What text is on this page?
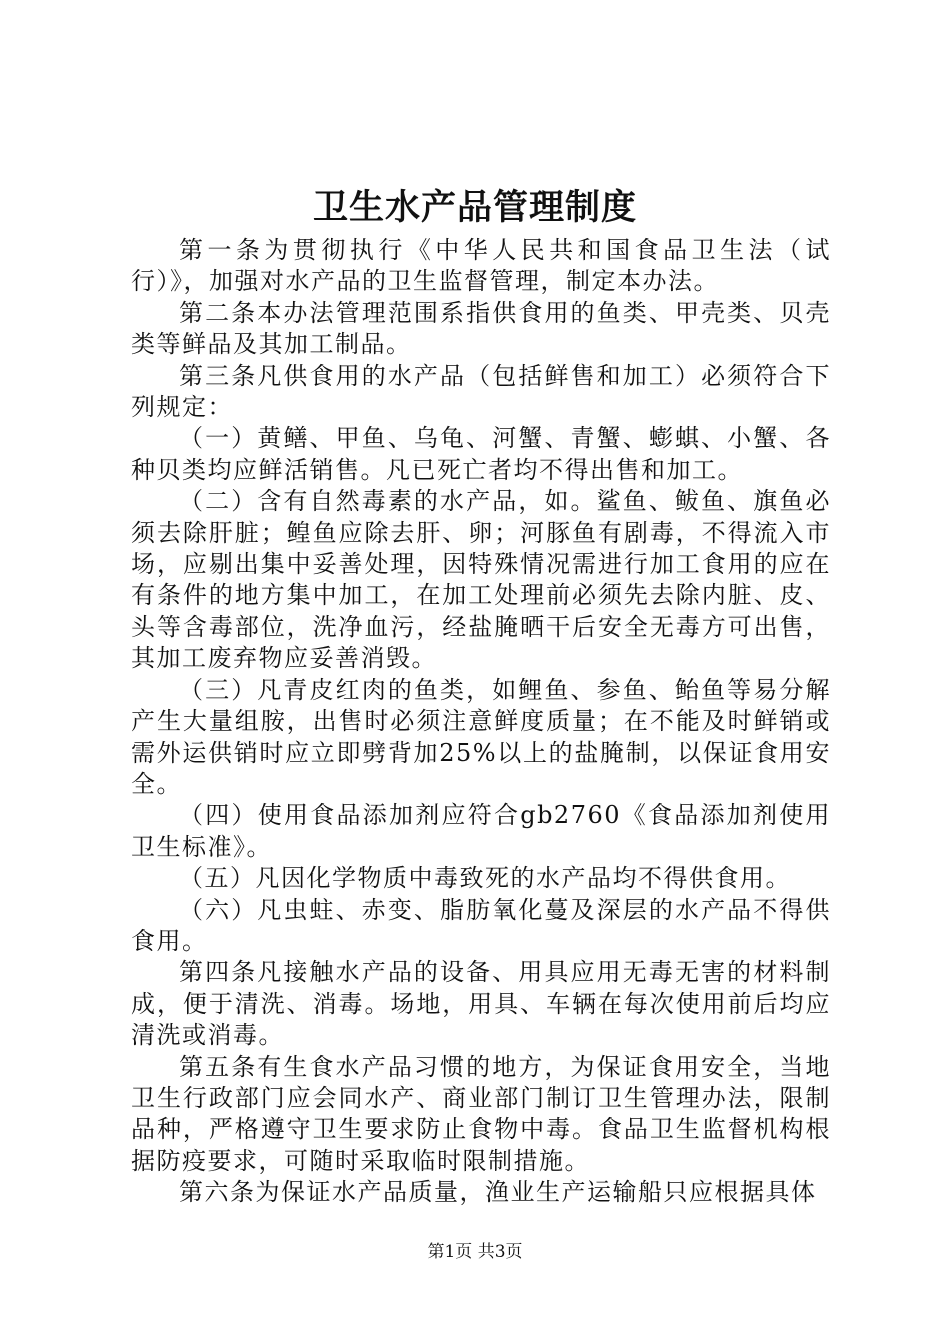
卫生水产品管理制度

第一条为贯彻执行《中华人民共和国食品卫生法（试行）》，加强对水产品的卫生监督管理，制定本办法。

第二条本办法管理范围系指供食用的鱼类、甲壳类、贝壳类等鲜品及其加工制品。

第三条凡供食用的水产品（包括鲜售和加工）必须符合下列规定：

（一）黄鳝、甲鱼、乌龟、河蟹、青蟹、蟛蜞、小蟹、各种贝类均应鲜活销售。凡已死亡者均不得出售和加工。

（二）含有自然毒素的水产品，如。鲨鱼、鲅鱼、旗鱼必须去除肝脏；鳇鱼应除去肝、卵；河豚鱼有剧毒，不得流入市场，应剔出集中妥善处理，因特殊情况需进行加工食用的应在有条件的地方集中加工，在加工处理前必须先去除内脏、皮、头等含毒部位，洗净血污，经盐腌晒干后安全无毒方可出售，其加工废弃物应妥善消毁。

（三）凡青皮红肉的鱼类，如鲤鱼、参鱼、鲐鱼等易分解产生大量组胺，出售时必须注意鲜度质量；在不能及时鲜销或需外运供销时应立即劈背加25%以上的盐腌制，以保证食用安全。

（四）使用食品添加剂应符合gb2760《食品添加剂使用卫生标准》。

（五）凡因化学物质中毒致死的水产品均不得供食用。

（六）凡虫蛀、赤变、脂肪氧化蔓及深层的水产品不得供食用。

第四条凡接触水产品的设备、用具应用无毒无害的材料制成，便于清洗、消毒。场地，用具、车辆在每次使用前后均应清洗或消毒。

第五条有生食水产品习惯的地方，为保证食用安全，当地卫生行政部门应会同水产、商业部门制订卫生管理办法，限制品种，严格遵守卫生要求防止食物中毒。食品卫生监督机构根据防疫要求，可随时采取临时限制措施。

第六条为保证水产品质量，渔业生产运输船只应根据具体

第1页 共3页
